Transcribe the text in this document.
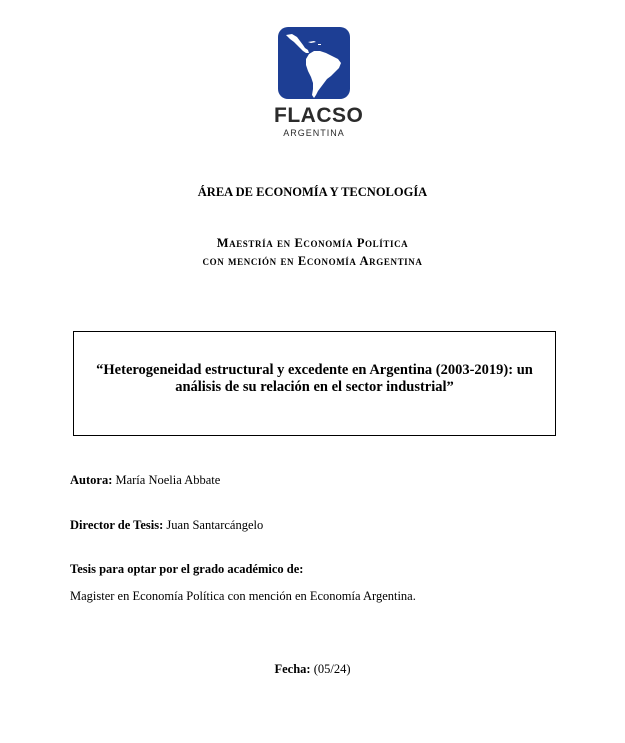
FLACSO
ARGENTINA
ÁREA DE ECONOMÍA Y TECNOLOGÍA
Maestría en Economía Política
con mención en Economía Argentina
“Heterogeneidad estructural y excedente en Argentina (2003-2019): un
análisis de su relación en el sector industrial”
Autora: María Noelia Abbate
Director de Tesis: Juan Santarcángelo
Tesis para optar por el grado académico de:
Magister en Economía Política con mención en Economía Argentina.
Fecha: (05/24)
